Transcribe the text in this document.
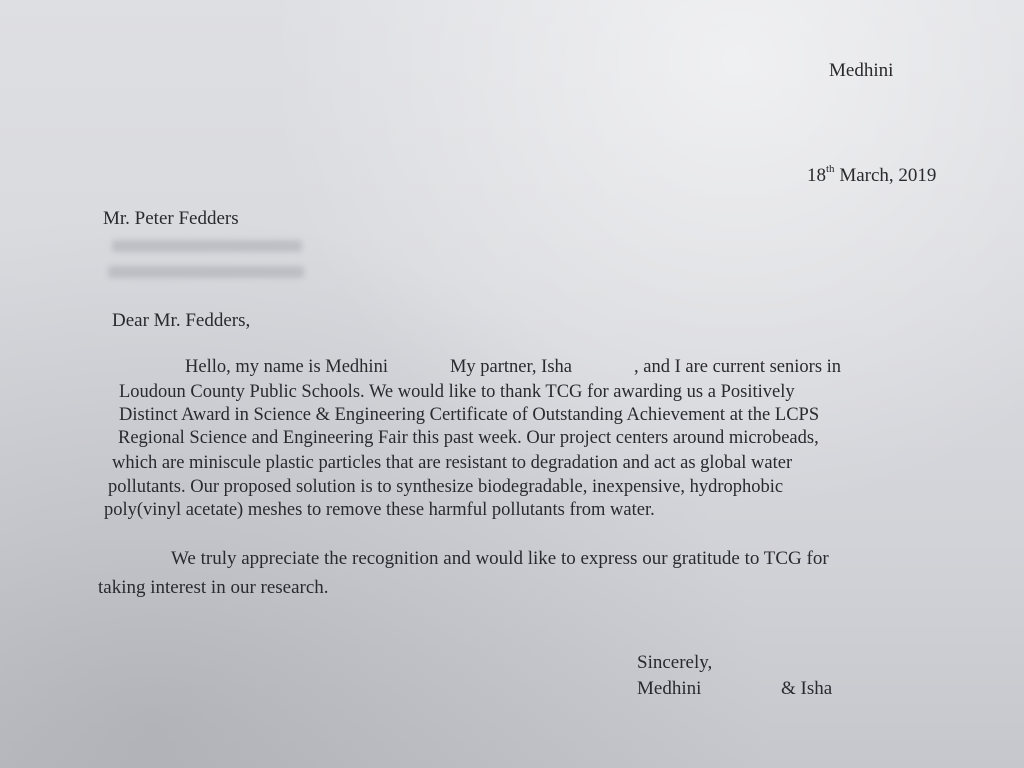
Medhini
18th March, 2019
Mr. Peter Fedders
Dear Mr. Fedders,
Hello, my name is Medhini	My partner, Isha	, and I are current seniors in
Loudoun County Public Schools. We would like to thank TCG for awarding us a Positively
Distinct Award in Science & Engineering Certificate of Outstanding Achievement at the LCPS
Regional Science and Engineering Fair this past week. Our project centers around microbeads,
which are miniscule plastic particles that are resistant to degradation and act as global water
pollutants. Our proposed solution is to synthesize biodegradable, inexpensive, hydrophobic
poly(vinyl acetate) meshes to remove these harmful pollutants from water.
We truly appreciate the recognition and would like to express our gratitude to TCG for
taking interest in our research.
Sincerely,
Medhini	& Isha
